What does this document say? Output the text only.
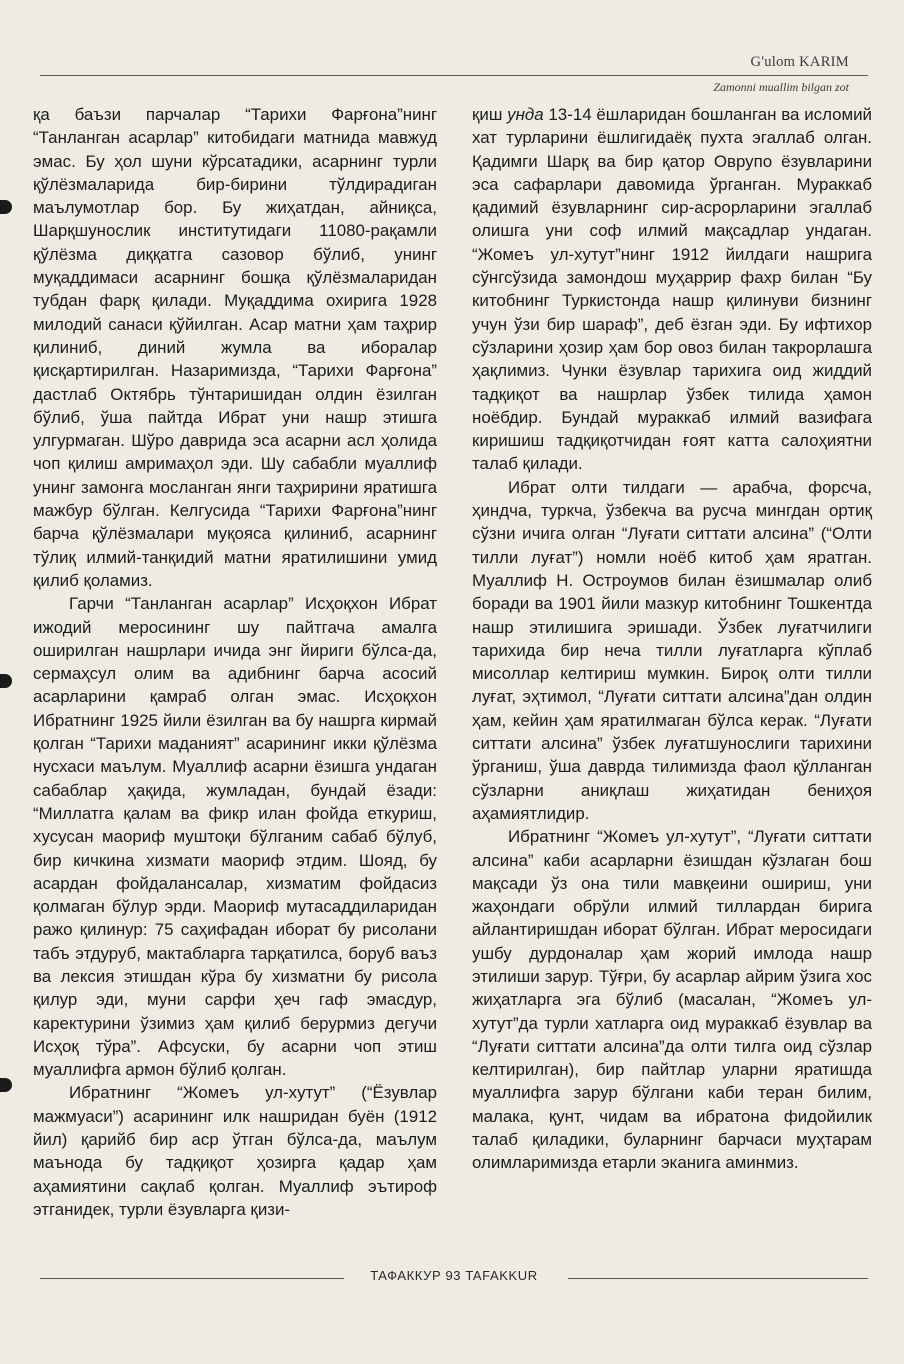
G'ulom KARIM
Zamonni muallim bilgan zot

қа баъзи парчалар “Тарихи Фарғона”нинг “Танланган асарлар” китобидаги матнида мавжуд эмас. Бу ҳол шуни кўрсатадики, асарнинг турли қўлёзмаларида бир-бирини тўлдирадиган маълумотлар бор. Бу жиҳатдан, айниқса, Шарқшунослик институтидаги 11080-рақамли қўлёзма диққатга сазовор бўлиб, унинг муқаддимаси асарнинг бошқа қўлёзмаларидан тубдан фарқ қилади. Муқаддима охирига 1928 милодий санаси қўйилган. Асар матни ҳам таҳрир қилиниб, диний жумла ва иборалар қисқартирилган. Назаримизда, “Тарихи Фарғона” дастлаб Октябрь тўнтаришидан олдин ёзилган бўлиб, ўша пайтда Ибрат уни нашр этишга улгурмаган. Шўро даврида эса асарни асл ҳолида чоп қилиш амримаҳол эди. Шу сабабли муаллиф унинг замонга мосланган янги таҳририни яратишга мажбур бўлган. Келгусида “Тарихи Фарғона”нинг барча қўлёзмалари муқояса қилиниб, асарнинг тўлиқ илмий-танқидий матни яратилишини умид қилиб қоламиз.

Гарчи “Танланган асарлар” Исҳоқхон Ибрат ижодий меросининг шу пайтгача амалга оширилган нашрлари ичида энг йириги бўлса-да, сермаҳсул олим ва адибнинг барча асосий асарларини қамраб олган эмас. Исҳоқхон Ибратнинг 1925 йили ёзилган ва бу нашрга кирмай қолган “Тарихи маданият” асарининг икки қўлёзма нусхаси маълум. Муаллиф асарни ёзишга ундаган сабаблар ҳақида, жумладан, бундай ёзади: “Миллатга қалам ва фикр илан фойда еткуриш, хусусан маориф муштоқи бўлганим сабаб бўлуб, бир кичкина хизмати маориф этдим. Шояд, бу асардан фойдалансалар, хизматим фойдасиз қолмаган бўлур эрди. Маориф мутасаддиларидан ражо қилинур: 75 саҳифадан иборат бу рисолани табъ этдуруб, мактабларга тарқатилса, боруб ваъз ва лексия этишдан кўра бу хизматни бу рисола қилур эди, муни сарфи ҳеч гаф эмасдур, каректурини ўзимиз ҳам қилиб берурмиз дегучи Исҳоқ тўра”. Афсуски, бу асарни чоп этиш муаллифга армон бўлиб қолган.

Ибратнинг “Жомеъ ул-хутут” (“Ёзувлар мажмуаси”) асарининг илк нашридан буён (1912 йил) қарийб бир аср ўтган бўлса-да, маълум маънода бу тадқиқот ҳозирга қадар ҳам аҳамиятини сақлаб қолган. Муаллиф эътироф этганидек, турли ёзувларга қизи-

қиш унда 13-14 ёшларидан бошланган ва исломий хат турларини ёшлигидаёқ пухта эгаллаб олган. Қадимги Шарқ ва бир қатор Оврупо ёзувларини эса сафарлари давомида ўрганган. Мураккаб қадимий ёзувларнинг сир-асрорларини эгаллаб олишга уни соф илмий мақсадлар ундаган. “Жомеъ ул-хутут”нинг 1912 йилдаги нашрига сўнгсўзида замондош муҳаррир фахр билан “Бу китобнинг Туркистонда нашр қилинуви бизнинг учун ўзи бир шараф”, деб ёзган эди. Бу ифтихор сўзларини ҳозир ҳам бор овоз билан такрорлашга ҳақлимиз. Чунки ёзувлар тарихига оид жиддий тадқиқот ва нашрлар ўзбек тилида ҳамон ноёбдир. Бундай мураккаб илмий вазифага киришиш тадқиқотчидан ғоят катта салоҳиятни талаб қилади.

Ибрат олти тилдаги — арабча, форсча, ҳиндча, туркча, ўзбекча ва русча мингдан ортиқ сўзни ичига олган “Луғати ситтати алсина” (“Олти тилли луғат”) номли ноёб китоб ҳам яратган. Муаллиф Н. Остроумов билан ёзишмалар олиб боради ва 1901 йили мазкур китобнинг Тошкентда нашр этилишига эришади. Ўзбек луғатчилиги тарихида бир неча тилли луғатларга кўплаб мисоллар келтириш мумкин. Бироқ олти тилли луғат, эҳтимол, “Луғати ситтати алсина”дан олдин ҳам, кейин ҳам яратилмаган бўлса керак. “Луғати ситтати алсина” ўзбек луғатшунослиги тарихини ўрганиш, ўша даврда тилимизда фаол қўлланган сўзларни аниқлаш жиҳатидан бениҳоя аҳамиятлидир.

Ибратнинг “Жомеъ ул-хутут”, “Луғати ситтати алсина” каби асарларни ёзишдан кўзлаган бош мақсади ўз она тили мавқеини ошириш, уни жаҳондаги обрўли илмий тиллардан бирига айлантиришдан иборат бўлган. Ибрат меросидаги ушбу дурдоналар ҳам жорий имлода нашр этилиши зарур. Тўғри, бу асарлар айрим ўзига хос жиҳатларга эга бўлиб (масалан, “Жомеъ ул-хутут”да турли хатларга оид мураккаб ёзувлар ва “Луғати ситтати алсина”да олти тилга оид сўзлар келтирилган), бир пайтлар уларни яратишда муаллифга зарур бўлгани каби теран билим, малака, қунт, чидам ва ибратона фидойилик талаб қиладики, буларнинг барчаси муҳтарам олимларимизда етарли эканига аминмиз.

ТАФАККУР 93 TAFAKKUR
